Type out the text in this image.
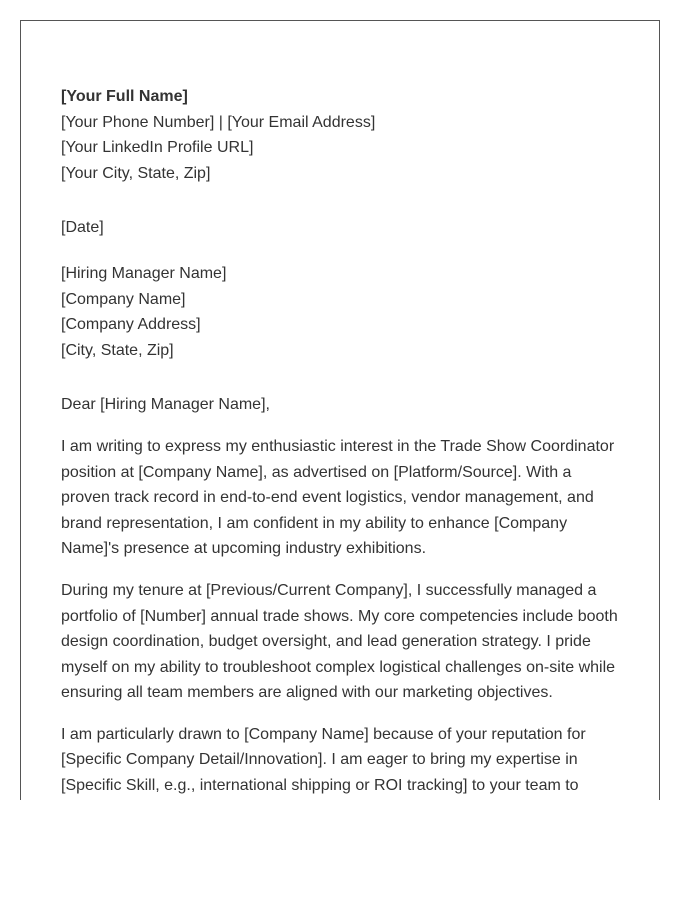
[Your Full Name]
[Your Phone Number] | [Your Email Address]
[Your LinkedIn Profile URL]
[Your City, State, Zip]
[Date]
[Hiring Manager Name]
[Company Name]
[Company Address]
[City, State, Zip]
Dear [Hiring Manager Name],

I am writing to express my enthusiastic interest in the Trade Show Coordinator
position at [Company Name], as advertised on [Platform/Source]. With a
proven track record in end-to-end event logistics, vendor management, and
brand representation, I am confident in my ability to enhance [Company
Name]'s presence at upcoming industry exhibitions.

During my tenure at [Previous/Current Company], I successfully managed a
portfolio of [Number] annual trade shows. My core competencies include booth
design coordination, budget oversight, and lead generation strategy. I pride
myself on my ability to troubleshoot complex logistical challenges on-site while
ensuring all team members are aligned with our marketing objectives.

I am particularly drawn to [Company Name] because of your reputation for
[Specific Company Detail/Innovation]. I am eager to bring my expertise in
[Specific Skill, e.g., international shipping or ROI tracking] to your team to
